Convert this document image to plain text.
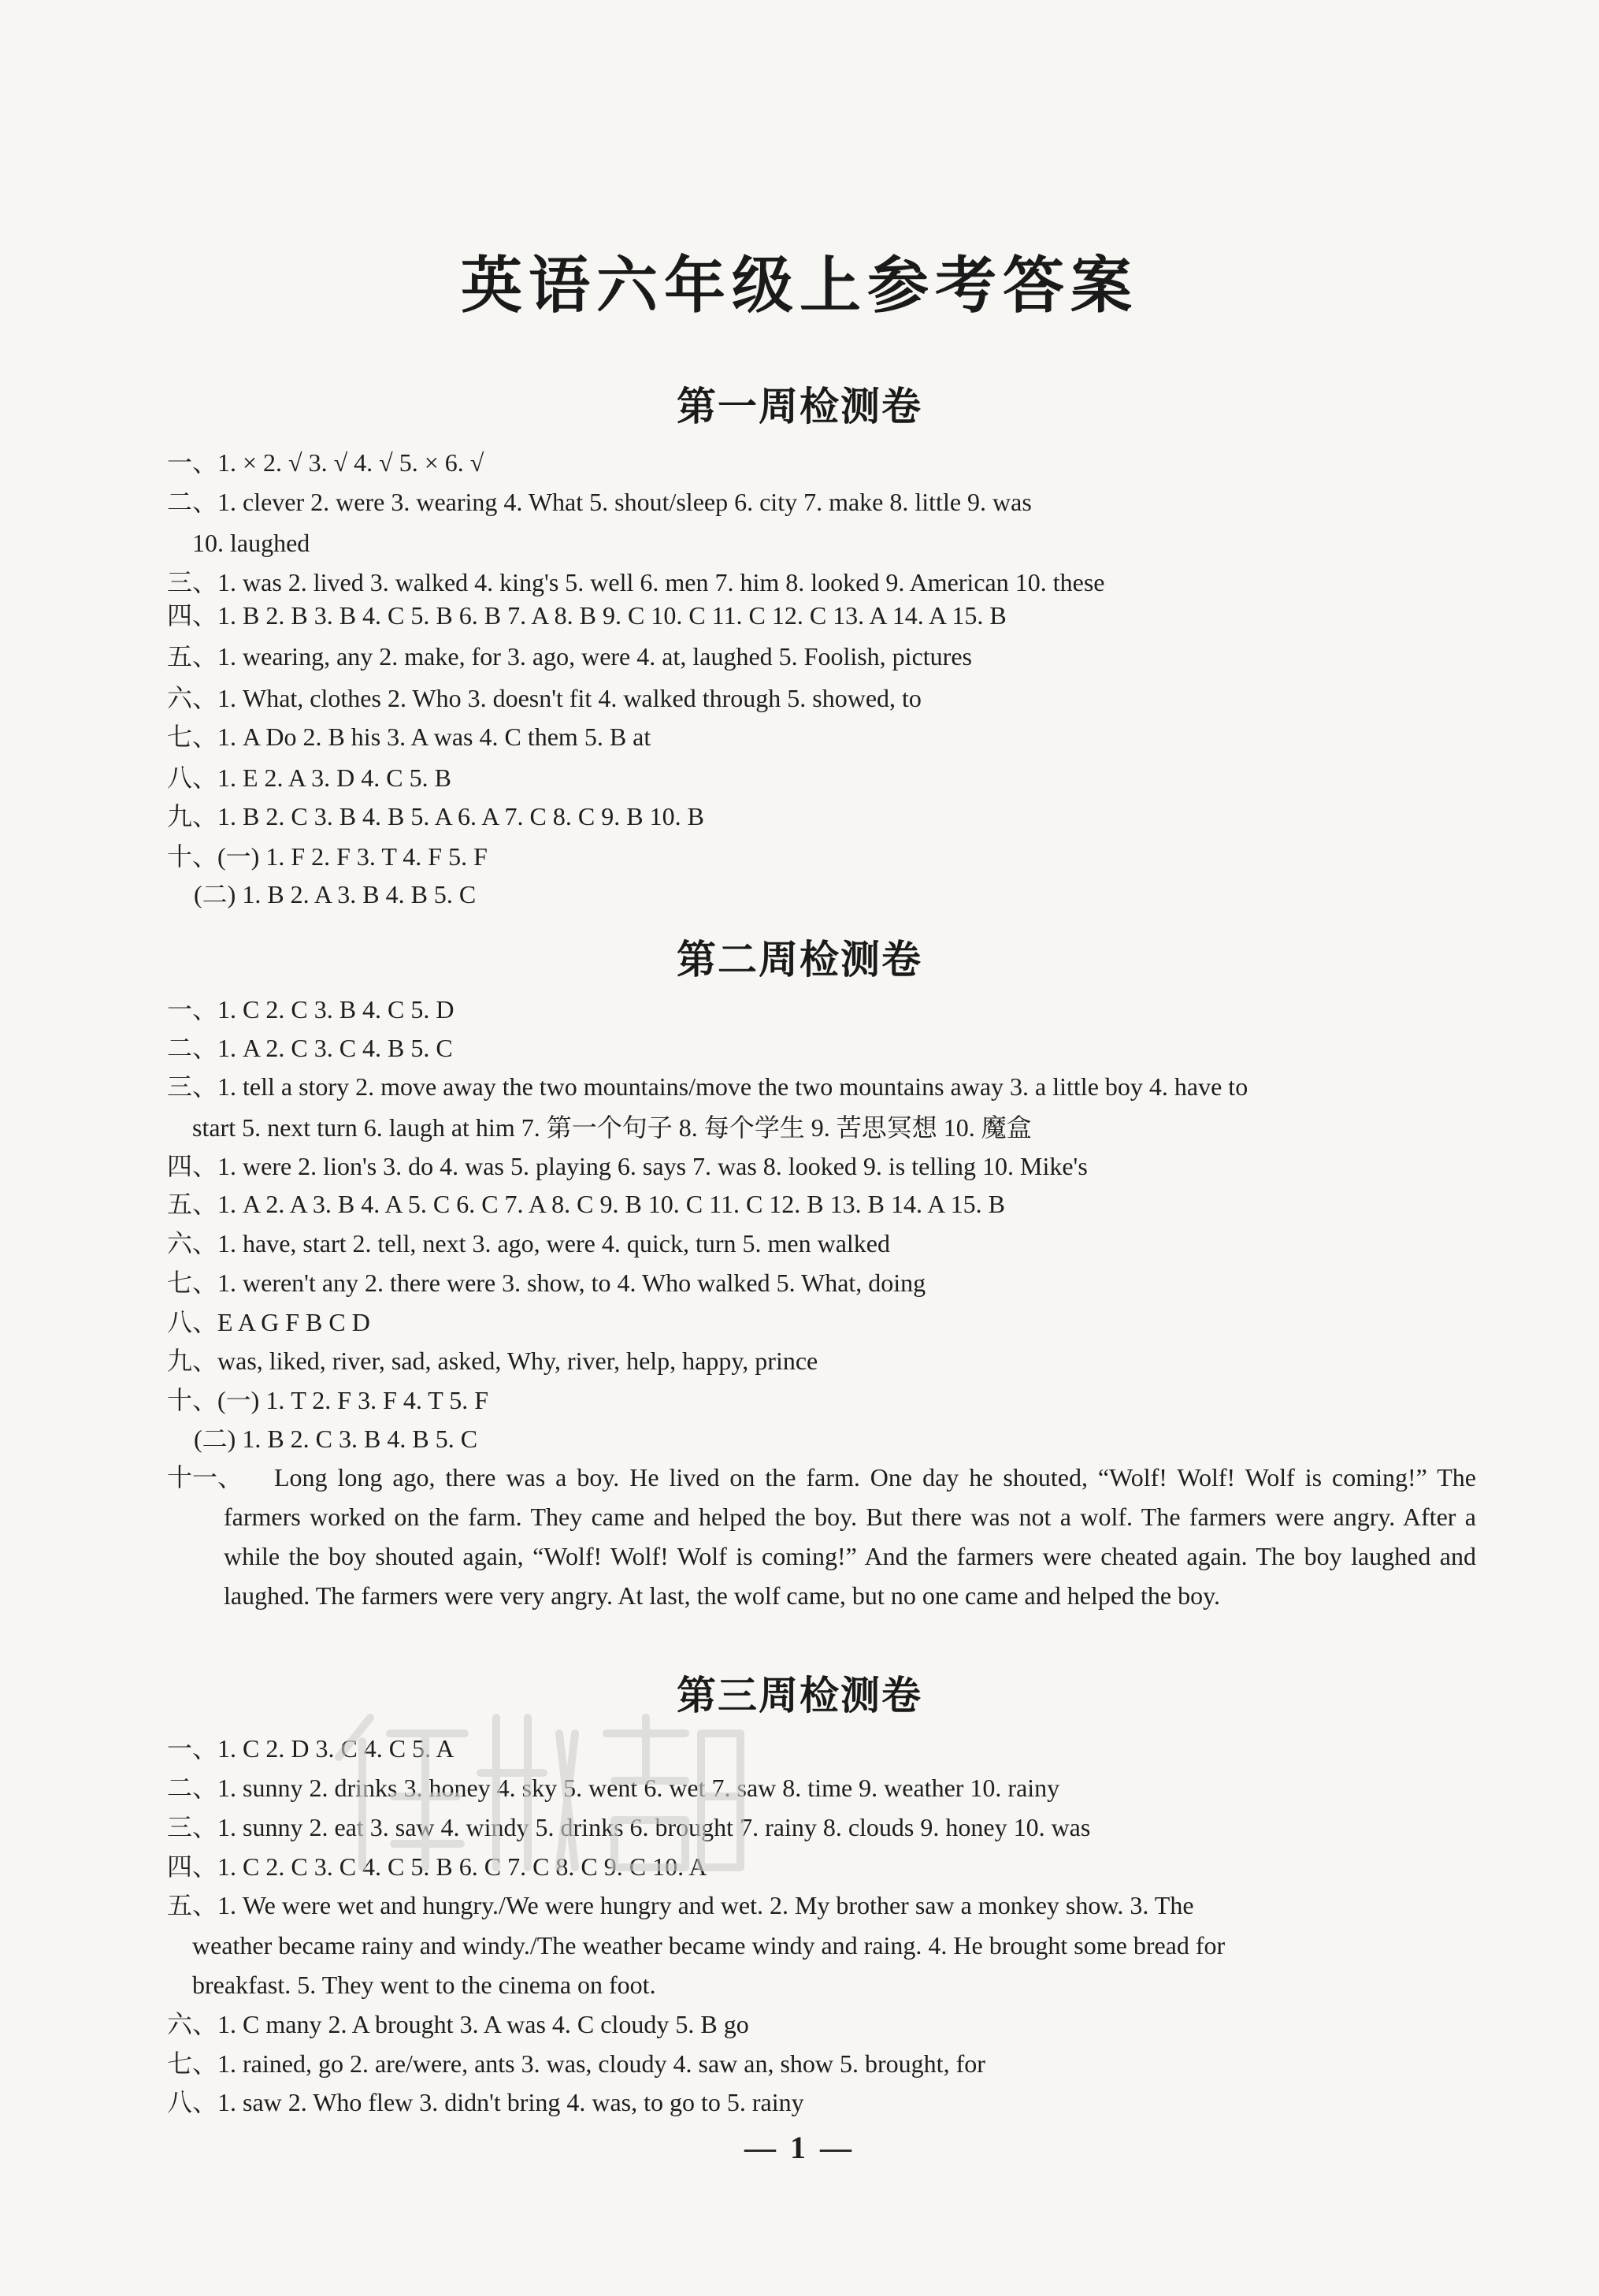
英语六年级上参考答案
第一周检测卷
一、1. × 2. √ 3. √ 4. √ 5. × 6. √
二、1. clever 2. were 3. wearing 4. What 5. shout/sleep 6. city 7. make 8. little 9. was
10. laughed
三、1. was 2. lived 3. walked 4. king's 5. well 6. men 7. him 8. looked 9. American 10. these
四、1. B 2. B 3. B 4. C 5. B 6. B 7. A 8. B 9. C 10. C 11. C 12. C 13. A 14. A 15. B
五、1. wearing, any 2. make, for 3. ago, were 4. at, laughed 5. Foolish, pictures
六、1. What, clothes 2. Who 3. doesn't fit 4. walked through 5. showed, to
七、1. A Do 2. B his 3. A was 4. C them 5. B at
八、1. E 2. A 3. D 4. C 5. B
九、1. B 2. C 3. B 4. B 5. A 6. A 7. C 8. C 9. B 10. B
十、(一) 1. F 2. F 3. T 4. F 5. F
(二) 1. B 2. A 3. B 4. B 5. C
第二周检测卷
一、1. C 2. C 3. B 4. C 5. D
二、1. A 2. C 3. C 4. B 5. C
三、1. tell a story 2. move away the two mountains/move the two mountains away 3. a little boy 4. have to
start 5. next turn 6. laugh at him 7. 第一个句子 8. 每个学生 9. 苦思冥想 10. 魔盒
四、1. were 2. lion's 3. do 4. was 5. playing 6. says 7. was 8. looked 9. is telling 10. Mike's
五、1. A 2. A 3. B 4. A 5. C 6. C 7. A 8. C 9. B 10. C 11. C 12. B 13. B 14. A 15. B
六、1. have, start 2. tell, next 3. ago, were 4. quick, turn 5. men walked
七、1. weren't any 2. there were 3. show, to 4. Who walked 5. What, doing
八、E A G F B C D
九、was, liked, river, sad, asked, Why, river, help, happy, prince
十、(一) 1. T 2. F 3. F 4. T 5. F
(二) 1. B 2. C 3. B 4. B 5. C
十一、	Long long ago, there was a boy. He lived on the farm. One day he shouted, “Wolf! Wolf! Wolf is coming!” The farmers worked on the farm. They came and helped the boy. But there was not a wolf. The farmers were angry. After a while the boy shouted again, “Wolf! Wolf! Wolf is coming!” And the farmers were cheated again. The boy laughed and laughed. The farmers were very angry. At last, the wolf came, but no one came and helped the boy.
第三周检测卷
一、1. C 2. D 3. C 4. C 5. A
二、1. sunny 2. drinks 3. honey 4. sky 5. went 6. wet 7. saw 8. time 9. weather 10. rainy
三、1. sunny 2. eat 3. saw 4. windy 5. drinks 6. brought 7. rainy 8. clouds 9. honey 10. was
四、1. C 2. C 3. C 4. C 5. B 6. C 7. C 8. C 9. C 10. A
五、1. We were wet and hungry./We were hungry and wet. 2. My brother saw a monkey show. 3. The
weather became rainy and windy./The weather became windy and raing. 4. He brought some bread for
breakfast. 5. They went to the cinema on foot.
六、1. C many 2. A brought 3. A was 4. C cloudy 5. B go
七、1. rained, go 2. are/were, ants 3. was, cloudy 4. saw an, show 5. brought, for
八、1. saw 2. Who flew 3. didn't bring 4. was, to go to 5. rainy
— 1 —
